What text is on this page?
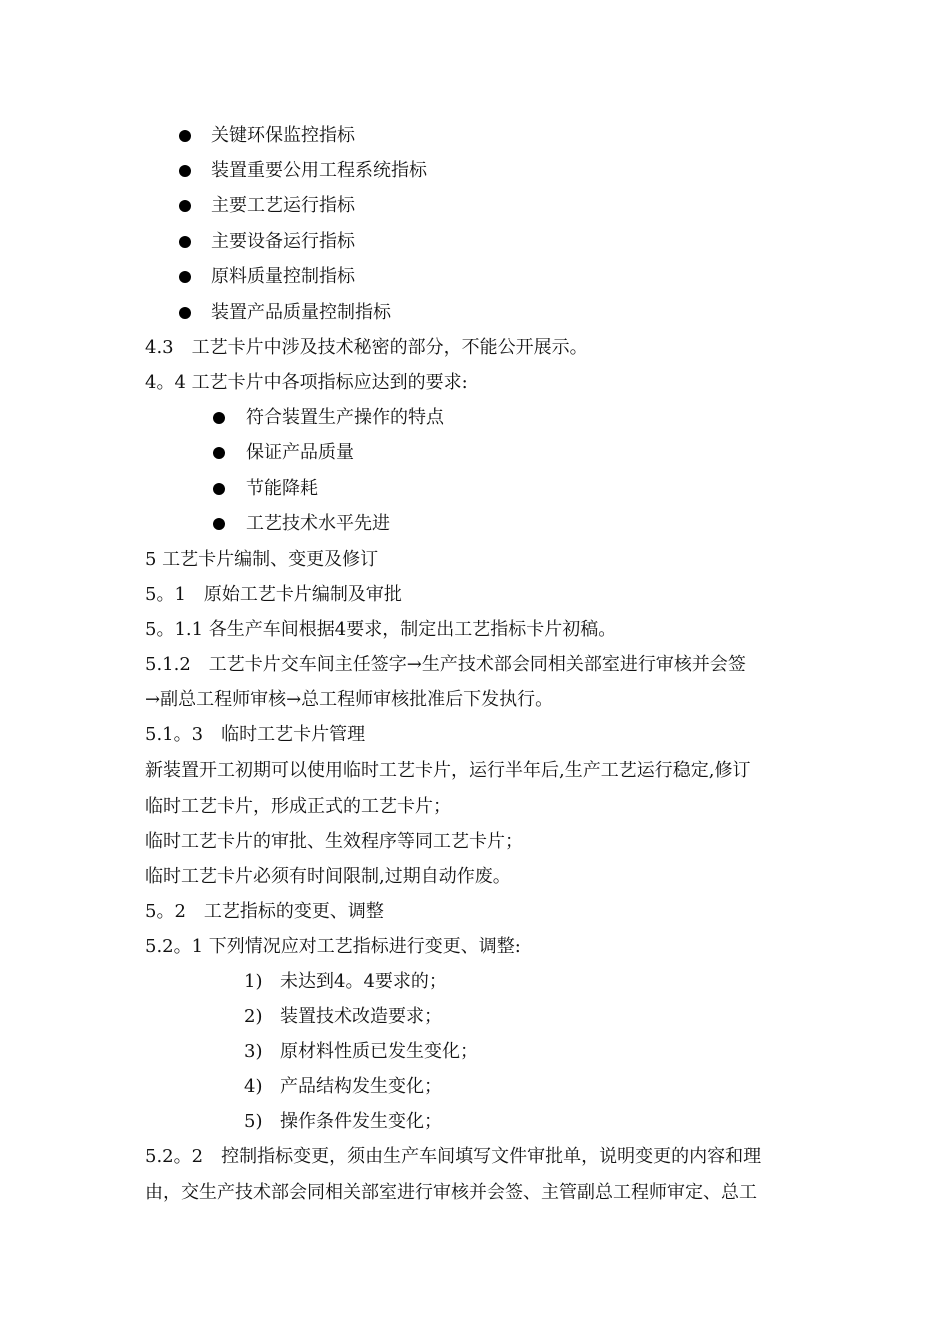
关键环保监控指标
装置重要公用工程系统指标
主要工艺运行指标
主要设备运行指标
原料质量控制指标
装置产品质量控制指标
4.3　工艺卡片中涉及技术秘密的部分，不能公开展示。
4。4 工艺卡片中各项指标应达到的要求:
符合装置生产操作的特点
保证产品质量
节能降耗
工艺技术水平先进
5 工艺卡片编制、变更及修订
5。1　原始工艺卡片编制及审批
5。1.1 各生产车间根据4要求，制定出工艺指标卡片初稿。
5.1.2　工艺卡片交车间主任签字→生产技术部会同相关部室进行审核并会签
→副总工程师审核→总工程师审核批准后下发执行。
5.1。3　临时工艺卡片管理
新装置开工初期可以使用临时工艺卡片，运行半年后,生产工艺运行稳定,修订
临时工艺卡片，形成正式的工艺卡片；
临时工艺卡片的审批、生效程序等同工艺卡片；
临时工艺卡片必须有时间限制,过期自动作废。
5。2　工艺指标的变更、调整
5.2。1 下列情况应对工艺指标进行变更、调整:
1) 未达到4。4要求的；
2) 装置技术改造要求；
3) 原材料性质已发生变化；
4) 产品结构发生变化；
5) 操作条件发生变化；
5.2。2　控制指标变更，须由生产车间填写文件审批单，说明变更的内容和理
由，交生产技术部会同相关部室进行审核并会签、主管副总工程师审定、总工
